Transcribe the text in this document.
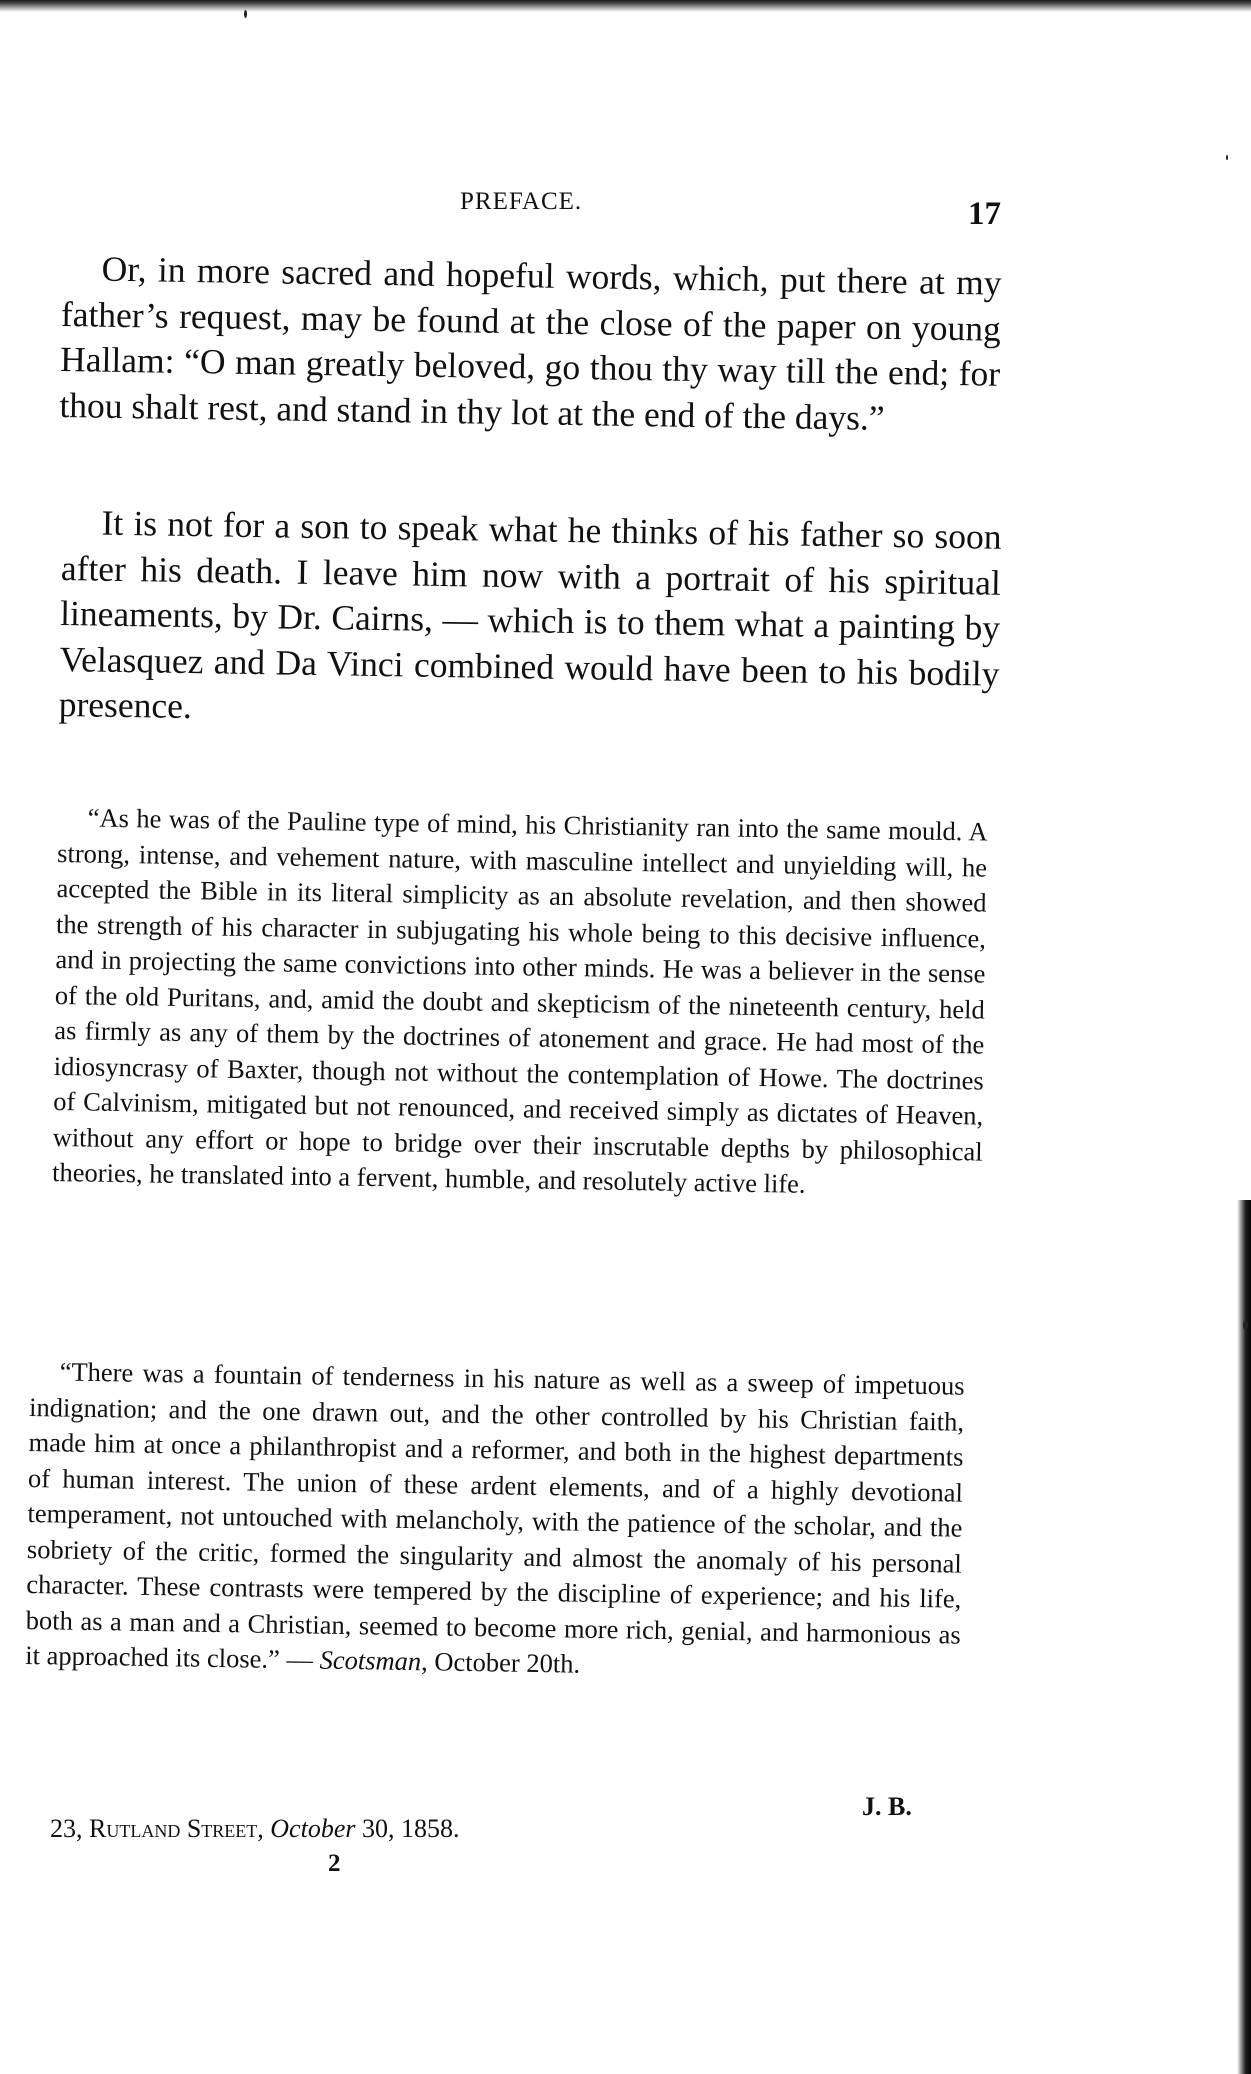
PREFACE.	17

Or, in more sacred and hopeful words, which, put there at my father’s request, may be found at the close of the paper on young Hallam: “O man greatly beloved, go thou thy way till the end; for thou shalt rest, and stand in thy lot at the end of the days.”

It is not for a son to speak what he thinks of his father so soon after his death. I leave him now with a portrait of his spiritual lineaments, by Dr. Cairns, — which is to them what a painting by Velasquez and Da Vinci combined would have been to his bodily presence.

“As he was of the Pauline type of mind, his Christianity ran into the same mould. A strong, intense, and vehement nature, with masculine intellect and unyielding will, he accepted the Bible in its literal simplicity as an absolute revelation, and then showed the strength of his character in subjugating his whole being to this decisive influence, and in projecting the same convictions into other minds. He was a believer in the sense of the old Puritans, and, amid the doubt and skepticism of the nineteenth century, held as firmly as any of them by the doctrines of atonement and grace. He had most of the idiosyncrasy of Baxter, though not without the contemplation of Howe. The doctrines of Calvinism, mitigated but not renounced, and received simply as dictates of Heaven, without any effort or hope to bridge over their inscrutable depths by philosophical theories, he translated into a fervent, humble, and resolutely active life.

“There was a fountain of tenderness in his nature as well as a sweep of impetuous indignation; and the one drawn out, and the other controlled by his Christian faith, made him at once a philanthropist and a reformer, and both in the highest departments of human interest. The union of these ardent elements, and of a highly devotional temperament, not untouched with melancholy, with the patience of the scholar, and the sobriety of the critic, formed the singularity and almost the anomaly of his personal character. These contrasts were tempered by the discipline of experience; and his life, both as a man and a Christian, seemed to become more rich, genial, and harmonious as it approached its close.” — Scotsman, October 20th.

J. B.
23, Rutland Street, October 30, 1858.
2
